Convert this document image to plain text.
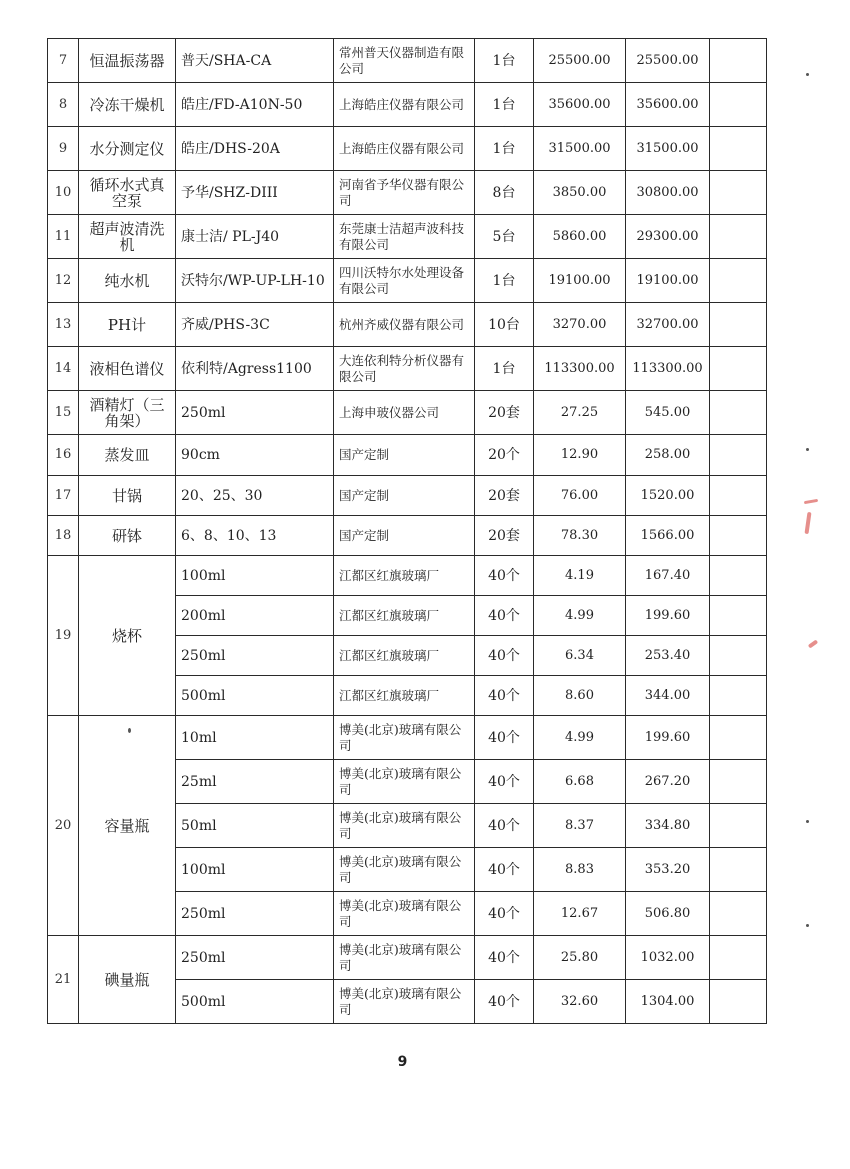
7	恒温振荡器	普天/SHA-CA	常州普天仪器制造有限公司	1台	25500.00	25500.00	
8	冷冻干燥机	皓庄/FD-A10N-50	上海皓庄仪器有限公司	1台	35600.00	35600.00	
9	水分测定仪	皓庄/DHS-20A	上海皓庄仪器有限公司	1台	31500.00	31500.00	
10	循环水式真空泵	予华/SHZ-DIII	河南省予华仪器有限公司	8台	3850.00	30800.00	
11	超声波清洗机	康士洁/ PL-J40	东莞康士洁超声波科技有限公司	5台	5860.00	29300.00	
12	纯水机	沃特尔/WP-UP-LH-10	四川沃特尔水处理设备有限公司	1台	19100.00	19100.00	
13	PH计	齐威/PHS-3C	杭州齐威仪器有限公司	10台	3270.00	32700.00	
14	液相色谱仪	依利特/Agress1100	大连依利特分析仪器有限公司	1台	113300.00	113300.00	
15	酒精灯（三角架）	250ml	上海申玻仪器公司	20套	27.25	545.00	
16	蒸发皿	90cm	国产定制	20个	12.90	258.00	
17	甘锅	20、25、30	国产定制	20套	76.00	1520.00	
18	研钵	6、8、10、13	国产定制	20套	78.30	1566.00	
19	烧杯	100ml	江都区红旗玻璃厂	40个	4.19	167.40	
		200ml	江都区红旗玻璃厂	40个	4.99	199.60	
		250ml	江都区红旗玻璃厂	40个	6.34	253.40	
		500ml	江都区红旗玻璃厂	40个	8.60	344.00	
20	容量瓶	10ml	博美(北京)玻璃有限公司	40个	4.99	199.60	
		25ml	博美(北京)玻璃有限公司	40个	6.68	267.20	
		50ml	博美(北京)玻璃有限公司	40个	8.37	334.80	
		100ml	博美(北京)玻璃有限公司	40个	8.83	353.20	
		250ml	博美(北京)玻璃有限公司	40个	12.67	506.80	
21	碘量瓶	250ml	博美(北京)玻璃有限公司	40个	25.80	1032.00	
		500ml	博美(北京)玻璃有限公司	40个	32.60	1304.00	
9
